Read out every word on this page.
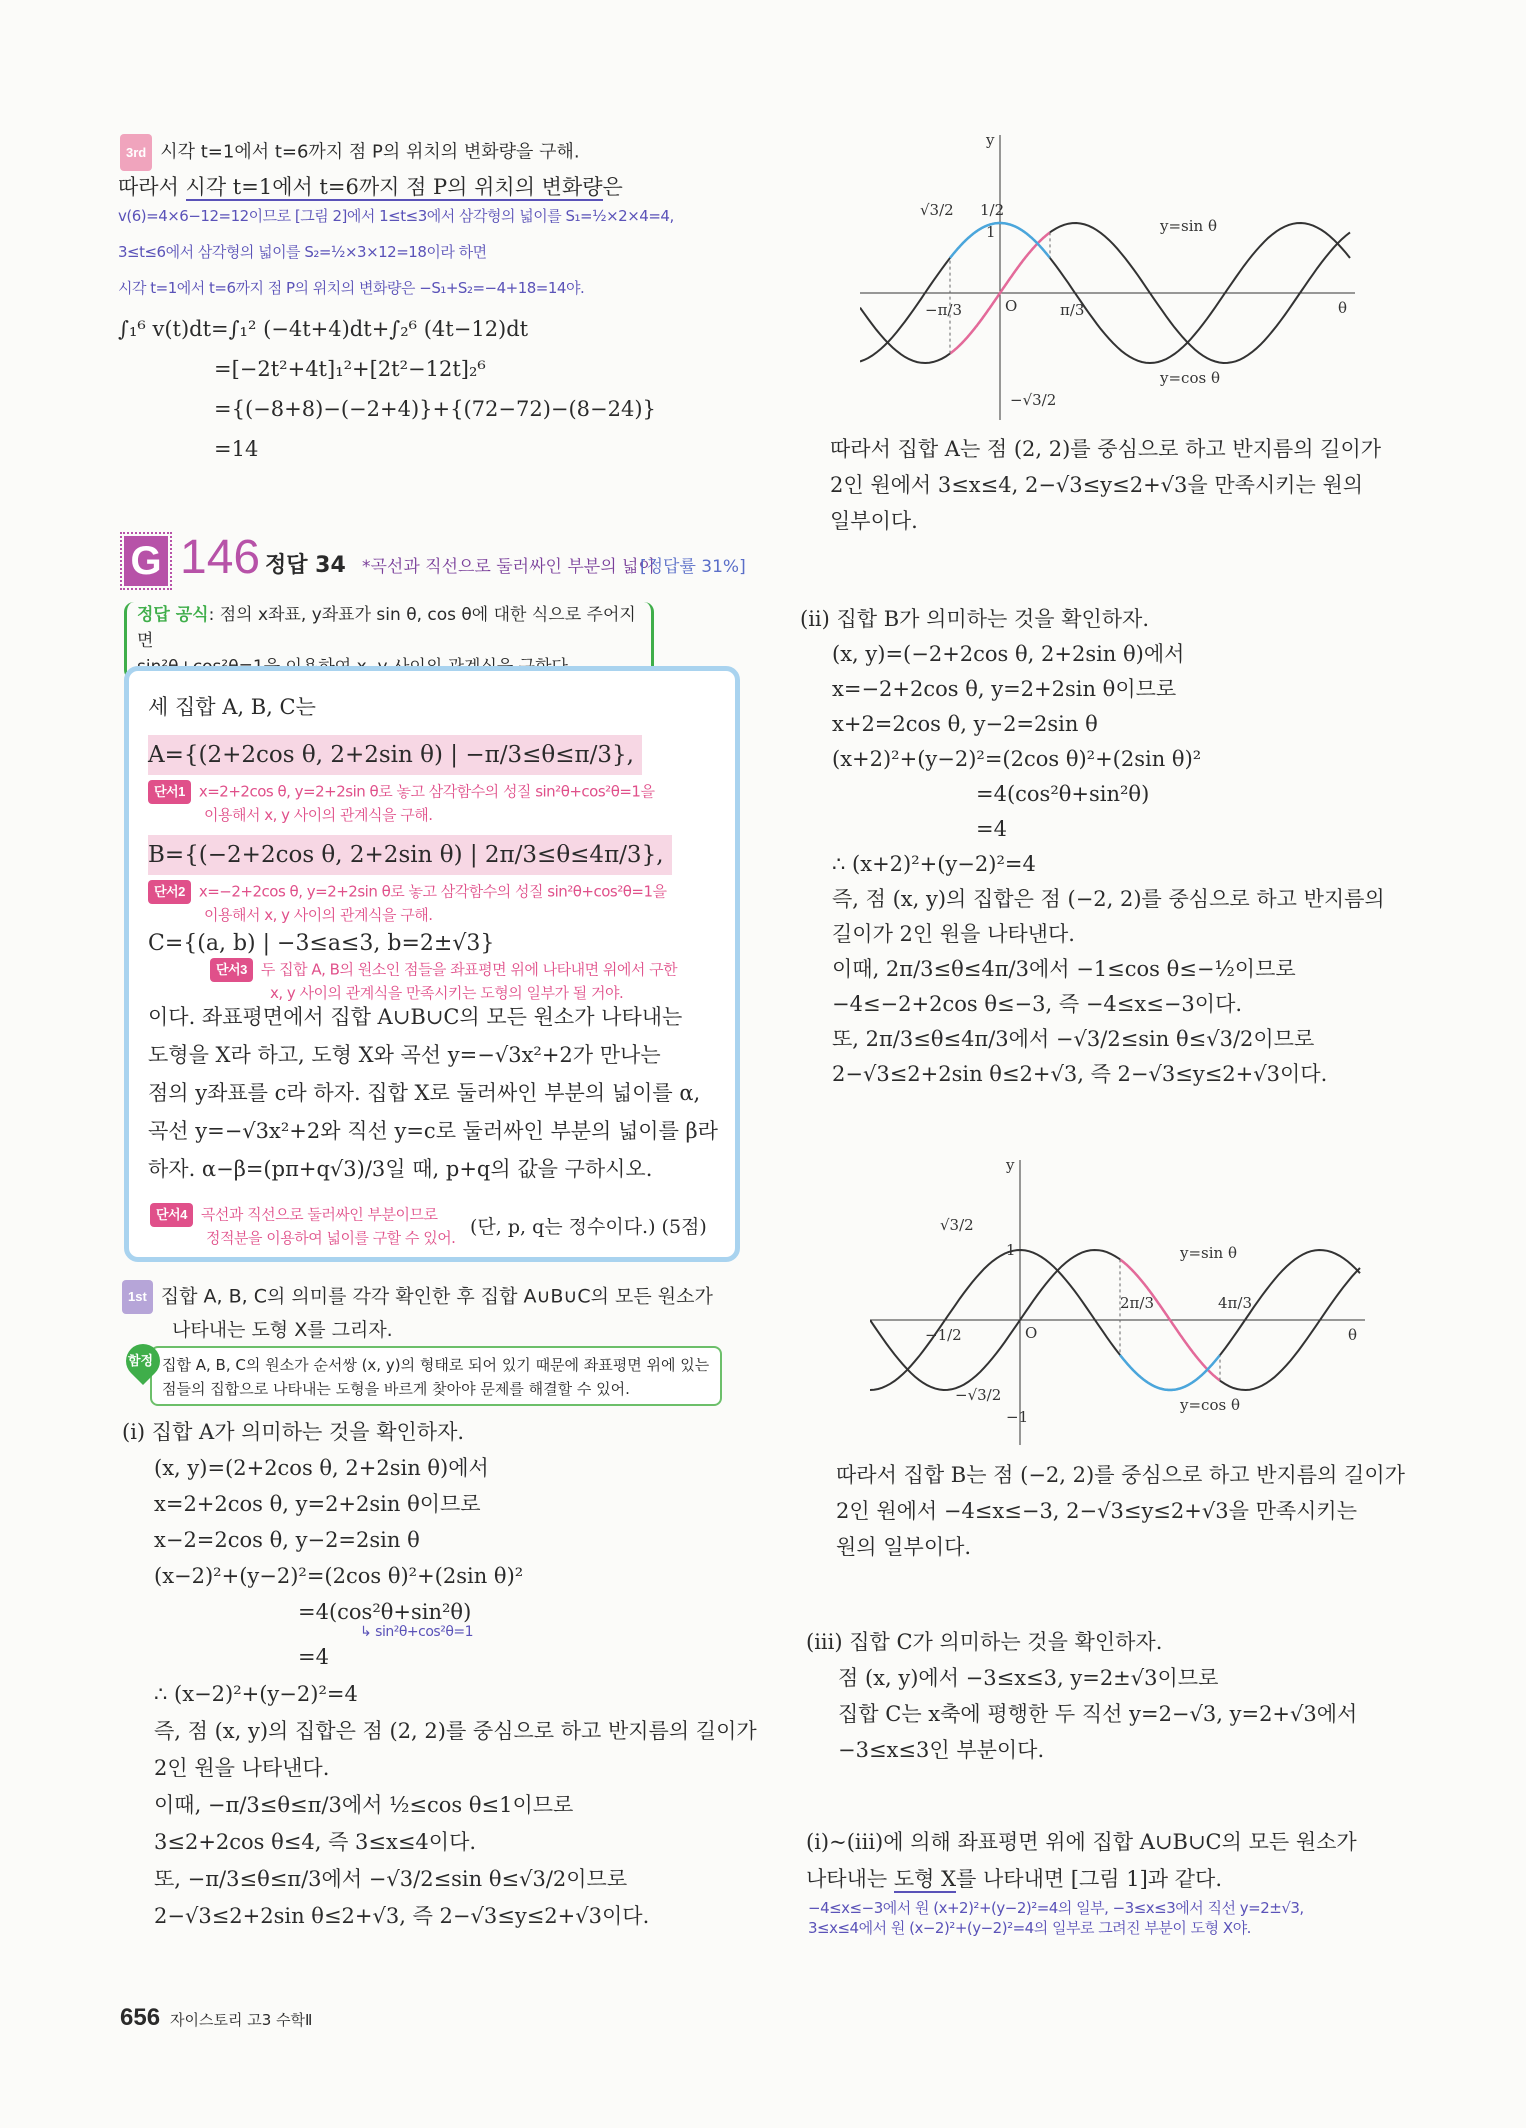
3rd 시각 t=1에서 t=6까지 점 P의 위치의 변화량을 구해.
따라서 시각 t=1에서 t=6까지 점 P의 위치의 변화량은
v(6)=4×6−12=12이므로 [그림 2]에서 1≤t≤3에서 삼각형의 넓이를 S₁=½×2×4=4,
3≤t≤6에서 삼각형의 넓이를 S₂=½×3×12=18이라 하면
시각 t=1에서 t=6까지 점 P의 위치의 변화량은 −S₁+S₂=−4+18=14야.
∫₁⁶ v(t)dt=∫₁² (−4t+4)dt+∫₂⁶ (4t−12)dt
=[−2t²+4t]₁²+[2t²−12t]₂⁶
={(−8+8)−(−2+4)}+{(72−72)−(8−24)}
=14
G 146 정답 34 *곡선과 직선으로 둘러싸인 부분의 넓이
[정답률 31%]
정답 공식: 점의 x좌표, y좌표가 sin θ, cos θ에 대한 식으로 주어지면

세 집합 A, B, C는
A={(2+2cos θ, 2+2sin θ) | −π/3≤θ≤π/3},
단서1 x=2+2cos θ, y=2+2sin θ로 놓고 삼각함수의 성질 sin²θ+cos²θ=1을
이용해서 x, y 사이의 관계식을 구해.
B={(−2+2cos θ, 2+2sin θ) | 2π/3≤θ≤4π/3},
단서2 x=−2+2cos θ, y=2+2sin θ로 놓고 삼각함수의 성질 sin²θ+cos²θ=1을
이용해서 x, y 사이의 관계식을 구해.
C={(a, b) | −3≤a≤3, b=2±√3}
단서3 두 집합 A, B의 원소인 점들을 좌표평면 위에 나타내면 위에서 구한
x, y 사이의 관계식을 만족시키는 도형의 일부가 될 거야.
이다. 좌표평면에서 집합 A∪B∪C의 모든 원소가 나타내는
도형을 X라 하고, 도형 X와 곡선 y=−√3x²+2가 만나는
점의 y좌표를 c라 하자. 집합 X로 둘러싸인 부분의 넓이를 α,
곡선 y=−√3x²+2와 직선 y=c로 둘러싸인 부분의 넓이를 β라
하자. α−β=(pπ+q√3)/3일 때, p+q의 값을 구하시오.
단서4 곡선과 직선으로 둘러싸인 부분이므로
정적분을 이용하여 넓이를 구할 수 있어. (단, p, q는 정수이다.) (5점)
1st 집합 A, B, C의 의미를 각각 확인한 후 집합 A∪B∪C의 모든 원소가
나타내는 도형 X를 그리자.
집합 A, B, C의 원소가 순서쌍 (x, y)의 형태로 되어 있기 때문에 좌표평면 위에 있는
점들의 집합으로 나타내는 도형을 바르게 찾아야 문제를 해결할 수 있어.
함정
(i) 집합 A가 의미하는 것을 확인하자.
(x, y)=(2+2cos θ, 2+2sin θ)에서
x=2+2cos θ, y=2+2sin θ이므로
x−2=2cos θ, y−2=2sin θ
(x−2)²+(y−2)²=(2cos θ)²+(2sin θ)²
=4(cos²θ+sin²θ)
↳ sin²θ+cos²θ=1
=4
∴ (x−2)²+(y−2)²=4
즉, 점 (x, y)의 집합은 점 (2, 2)를 중심으로 하고 반지름의 길이가
2인 원을 나타낸다.
이때, −π/3≤θ≤π/3에서 ½≤cos θ≤1이므로
3≤2+2cos θ≤4, 즉 3≤x≤4이다.
또, −π/3≤θ≤π/3에서 −√3/2≤sin θ≤√3/2이므로
2−√3≤2+2sin θ≤2+√3, 즉 2−√3≤y≤2+√3이다.
656 자이스토리 고3 수학Ⅱ
y
θ
O
y=sin θ
y=cos θ
√3/2 1/2
1
−π/3	π/3
−√3/2
따라서 집합 A는 점 (2, 2)를 중심으로 하고 반지름의 길이가
2인 원에서 3≤x≤4, 2−√3≤y≤2+√3을 만족시키는 원의
일부이다.
(ii) 집합 B가 의미하는 것을 확인하자.
(x, y)=(−2+2cos θ, 2+2sin θ)에서
x=−2+2cos θ, y=2+2sin θ이므로
x+2=2cos θ, y−2=2sin θ
(x+2)²+(y−2)²=(2cos θ)²+(2sin θ)²
=4(cos²θ+sin²θ)
=4
∴ (x+2)²+(y−2)²=4
즉, 점 (x, y)의 집합은 점 (−2, 2)를 중심으로 하고 반지름의
길이가 2인 원을 나타낸다.
이때, 2π/3≤θ≤4π/3에서 −1≤cos θ≤−½이므로
−4≤−2+2cos θ≤−3, 즉 −4≤x≤−3이다.
또, 2π/3≤θ≤4π/3에서 −√3/2≤sin θ≤√3/2이므로
2−√3≤2+2sin θ≤2+√3, 즉 2−√3≤y≤2+√3이다.
y
θ
O
y=sin θ
y=cos θ
√3/2
1
−1/2
−√3/2
−1
2π/3	4π/3
따라서 집합 B는 점 (−2, 2)를 중심으로 하고 반지름의 길이가
2인 원에서 −4≤x≤−3, 2−√3≤y≤2+√3을 만족시키는
원의 일부이다.
(iii) 집합 C가 의미하는 것을 확인하자.
점 (x, y)에서 −3≤x≤3, y=2±√3이므로
집합 C는 x축에 평행한 두 직선 y=2−√3, y=2+√3에서
−3≤x≤3인 부분이다.
(i)~(iii)에 의해 좌표평면 위에 집합 A∪B∪C의 모든 원소가
나타내는 도형 X를 나타내면 [그림 1]과 같다.
−4≤x≤−3에서 원 (x+2)²+(y−2)²=4의 일부, −3≤x≤3에서 직선 y=2±√3,
3≤x≤4에서 원 (x−2)²+(y−2)²=4의 일부로 그려진 부분이 도형 X야.
